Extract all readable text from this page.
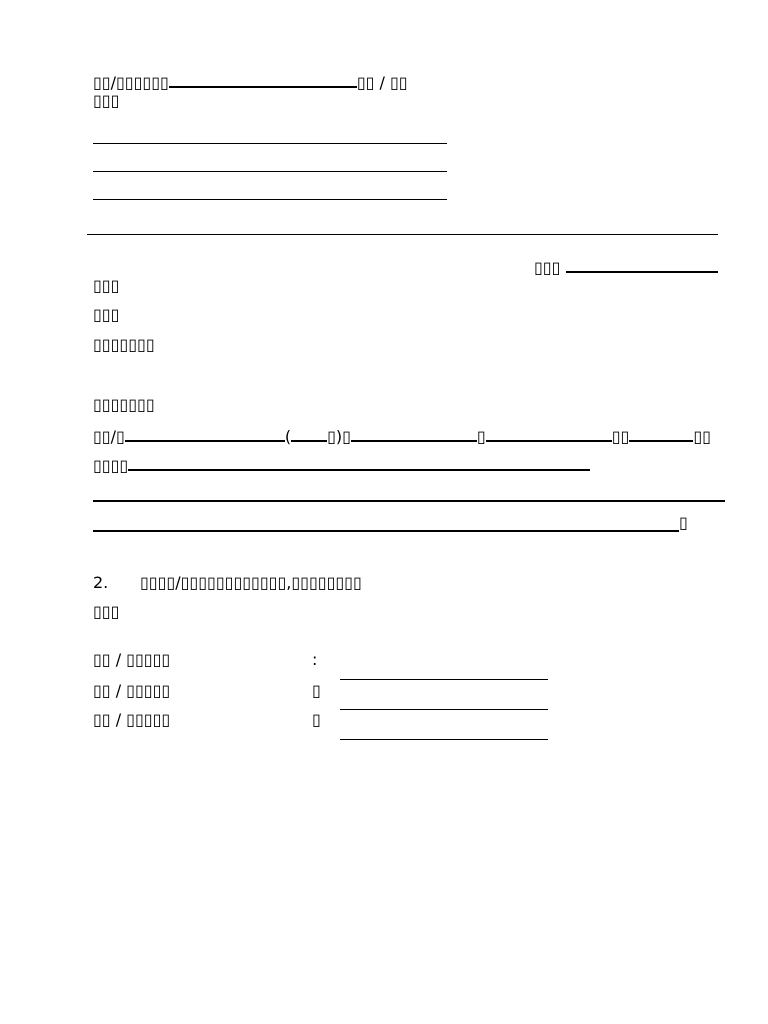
▯▯/▯▯▯▯▯▯	▯▯ / ▯▯
▯▯▯
▯▯▯
▯▯▯
▯▯▯
▯▯▯▯▯▯▯
▯▯▯▯▯▯▯
▯▯/▯	( ▯)▯	▯	▯▯	▯▯
▯▯▯▯
▯
2. ▯▯▯▯/▯▯▯▯▯▯▯▯▯▯▯▯,▯▯▯▯▯▯▯▯
▯▯▯
▯▯ / ▯▯▯▯▯	:
▯▯ / ▯▯▯▯▯	▯
▯▯ / ▯▯▯▯▯	▯
